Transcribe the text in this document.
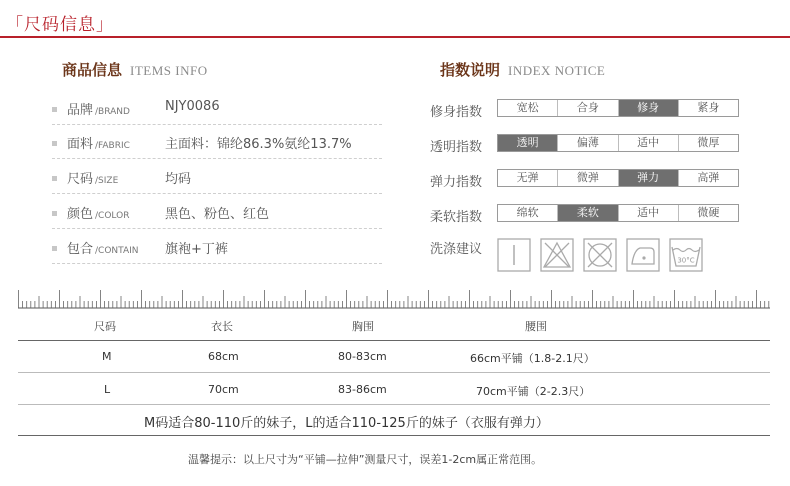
「尺码信息」
商品信息 ITEMS INFO	指数说明 INDEX NOTICE
品牌 /BRAND	NJY0086
面料 /FABRIC	主面料：锦纶86.3%氨纶13.7%
尺码 /SIZE	均码
颜色 /COLOR	黑色、粉色、红色
包合 /CONTAIN 旗袍+丁裤
修身指数	宽松	合身	修身	紧身
透明指数	透明	偏薄	适中	微厚
弹力指数	无弹	微弹	弹力	高弹
柔软指数	绵软	柔软	适中	微硬
洗涤建议
30°C
尺码	衣长	胸围	腰围
M	68cm	80-83cm	66cm平铺（1.8-2.1尺）
L	70cm	83-86cm	70cm平铺（2-2.3尺）
M码适合80-110斤的妹子，L的适合110-125斤的妹子（衣服有弹力）
温馨提示：以上尺寸为“平铺—拉伸”测量尺寸，误差1-2cm属正常范围。
